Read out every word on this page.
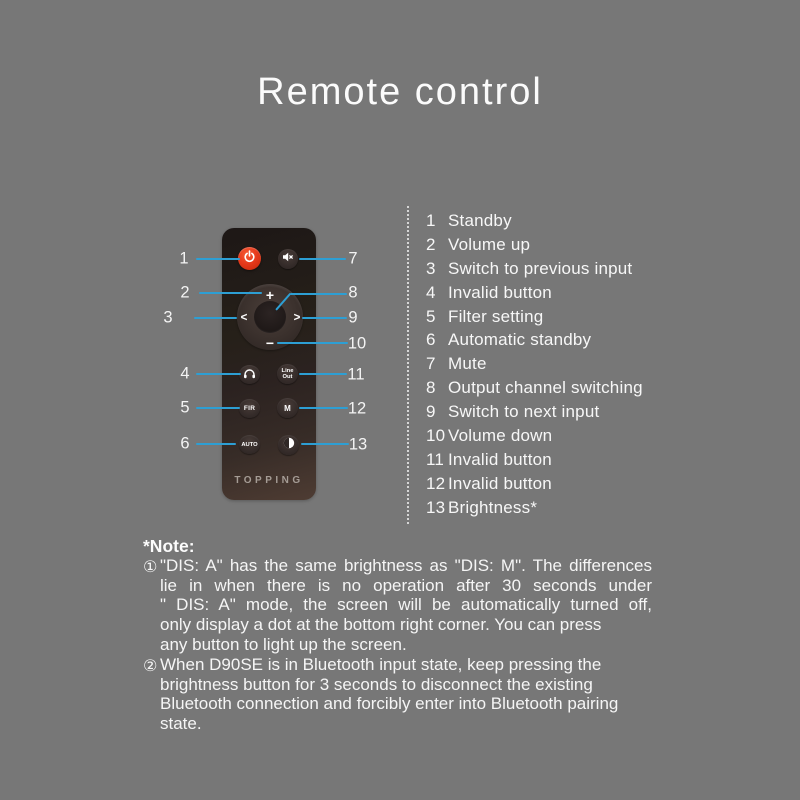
Remote control
+
−
<	>
Line
Out
FIR	M
AUTO
TOPPING
1
2
3
4
5
6
7
8
9
10
11
12
13
1 Standby
2 Volume up
3 Switch to previous input
4 Invalid button
5 Filter setting
6 Automatic standby
7 Mute
8 Output channel switching
9 Switch to next input
10 Volume down
11 Invalid button
12 Invalid button
13 Brightness*
*Note:
① "DIS: A" has the same brightness as "DIS: M". The differences
lie in when there is no operation after 30 seconds under
" DIS: A" mode, the screen will be automatically turned off,
only display a dot at the bottom right corner. You can press
any button to light up the screen.
② When D90SE is in Bluetooth input state, keep pressing the
brightness button for 3 seconds to disconnect the existing
Bluetooth connection and forcibly enter into Bluetooth pairing
state.
